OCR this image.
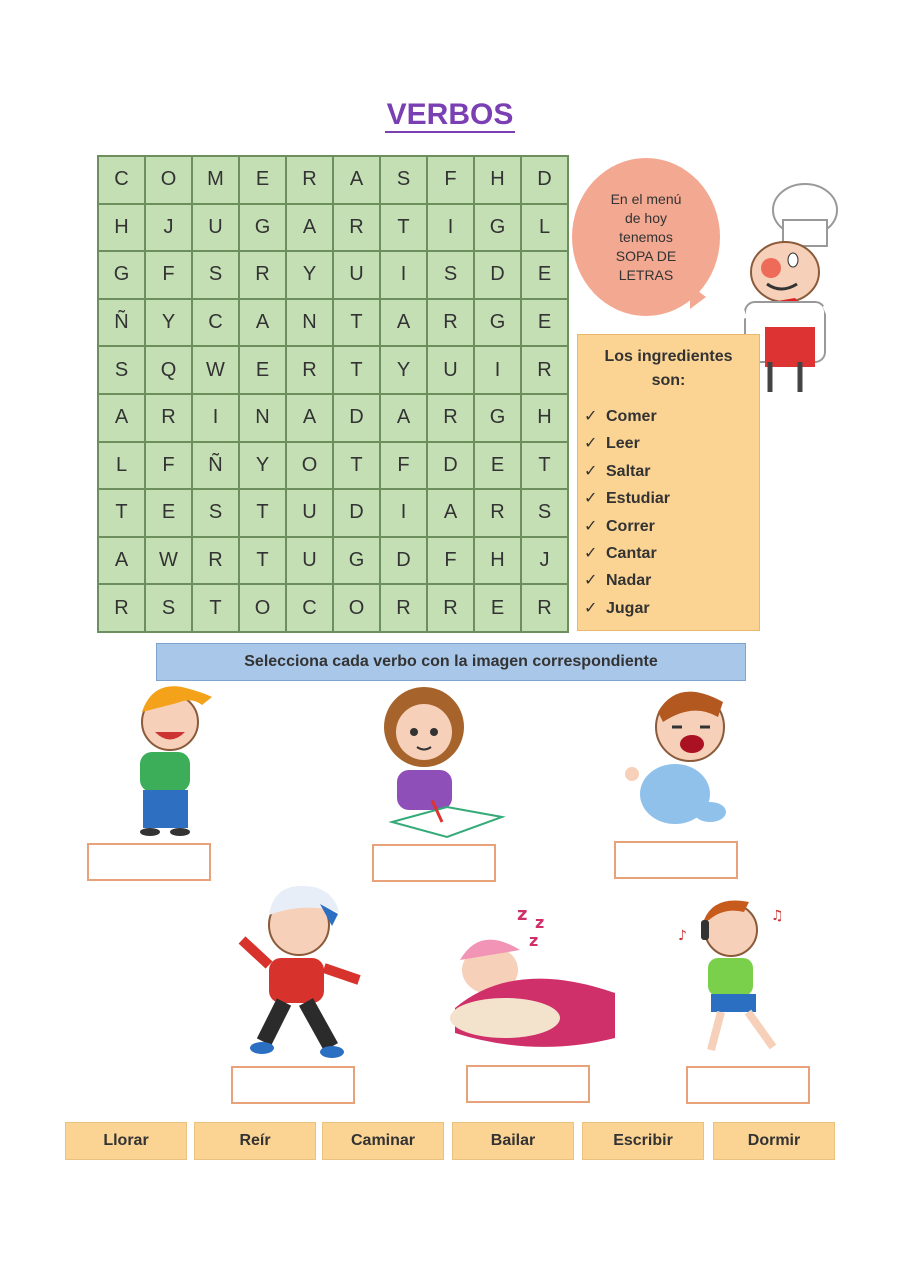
VERBOS
C	O	M	E	R	A	S	F	H	D
H	J	U	G	A	R	T	I	G	L
G	F	S	R	Y	U	I	S	D	E
Ñ	Y	C	A	N	T	A	R	G	E
S	Q	W	E	R	T	Y	U	I	R
A	R	I	N	A	D	A	R	G	H
L	F	Ñ	Y	O	T	F	D	E	T
T	E	S	T	U	D	I	A	R	S
A	W	R	T	U	G	D	F	H	J
R	S	T	O	C	O	R	R	E	R
En el menú
de hoy
tenemos
SOPA DE
LETRAS
Los ingredientes
son:
✓ Comer
✓ Leer
✓ Saltar
✓ Estudiar
✓ Correr
✓ Cantar
✓ Nadar
✓ Jugar
Selecciona cada verbo con la imagen correspondiente
z z
z	♪
♫
Llorar	Reír	Caminar	Bailar	Escribir	Dormir
